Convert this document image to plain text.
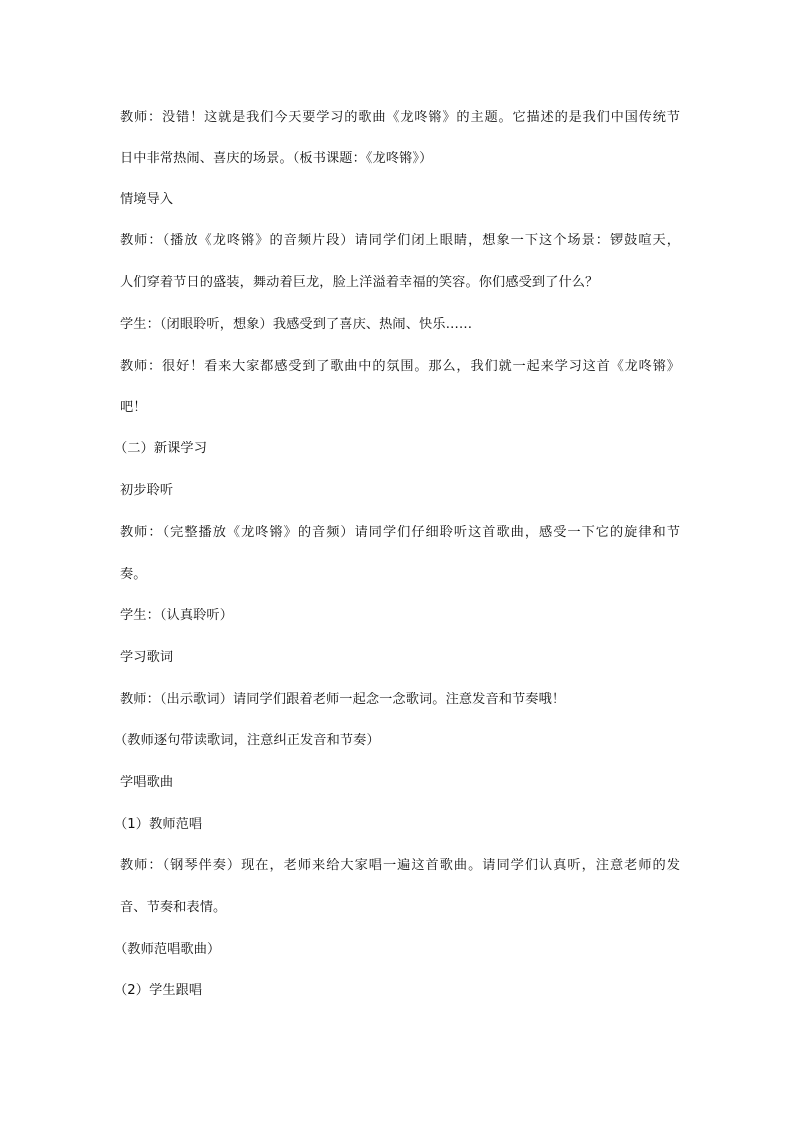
教师：没错！这就是我们今天要学习的歌曲《龙咚锵》的主题。它描述的是我们中国传统节
日中非常热闹、喜庆的场景。（板书课题：《龙咚锵》）
情境导入
教师：（播放《龙咚锵》的音频片段）请同学们闭上眼睛，想象一下这个场景：锣鼓喧天，
人们穿着节日的盛装，舞动着巨龙，脸上洋溢着幸福的笑容。你们感受到了什么？
学生：（闭眼聆听，想象）我感受到了喜庆、热闹、快乐……
教师：很好！看来大家都感受到了歌曲中的氛围。那么，我们就一起来学习这首《龙咚锵》
吧！
（二）新课学习
初步聆听
教师：（完整播放《龙咚锵》的音频）请同学们仔细聆听这首歌曲，感受一下它的旋律和节
奏。
学生：（认真聆听）
学习歌词
教师：（出示歌词）请同学们跟着老师一起念一念歌词。注意发音和节奏哦！
（教师逐句带读歌词，注意纠正发音和节奏）
学唱歌曲
（1）教师范唱
教师：（钢琴伴奏）现在，老师来给大家唱一遍这首歌曲。请同学们认真听，注意老师的发
音、节奏和表情。
（教师范唱歌曲）
（2）学生跟唱
